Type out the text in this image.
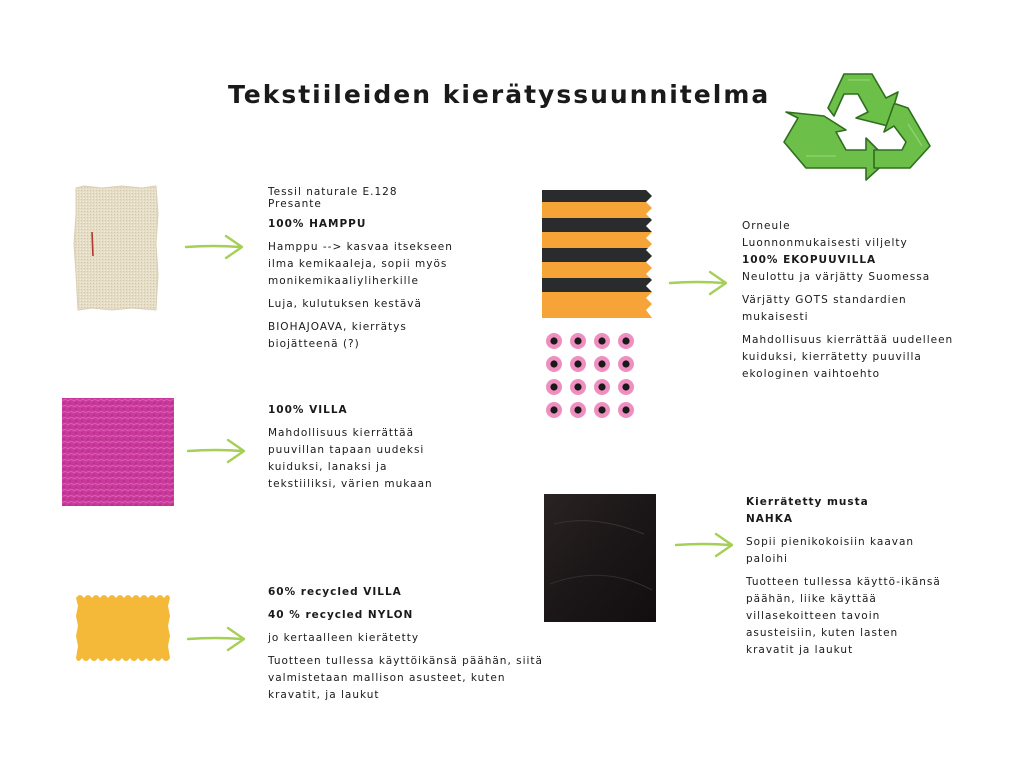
Tekstiileiden kierätyssuunnitelma

Tessil naturale E.128
Presante

100% HAMPPU

Hamppu --> kasvaa itsekseen ilma kemikaaleja, sopii myös monikemikaaliyliherkille

Luja, kulutuksen kestävä

BIOHAJOAVA, kierrätys biojätteenä (?)

100% VILLA

Mahdollisuus kierrättää puuvillan tapaan uudeksi kuiduksi, lanaksi ja tekstiiliksi, värien mukaan

60% recycled VILLA

40 % recycled NYLON

jo kertaalleen kierätetty

Tuotteen tullessa käyttöikänsä päähän, siitä valmistetaan mallison asusteet, kuten kravatit, ja laukut

Orneule
Luonnonmukaisesti viljelty
100% EKOPUUVILLA
Neulottu ja värjätty Suomessa

Värjätty GOTS standardien mukaisesti

Mahdollisuus kierrättää uudelleen kuiduksi, kierrätetty puuvilla ekologinen vaihtoehto

Kierrätetty musta
NAHKA

Sopii pienikokoisiin kaavan paloihi

Tuotteen tullessa käyttö-ikänsä päähän, liike käyttää villasekoitteen tavoin asusteisiin, kuten lasten kravatit ja laukut
